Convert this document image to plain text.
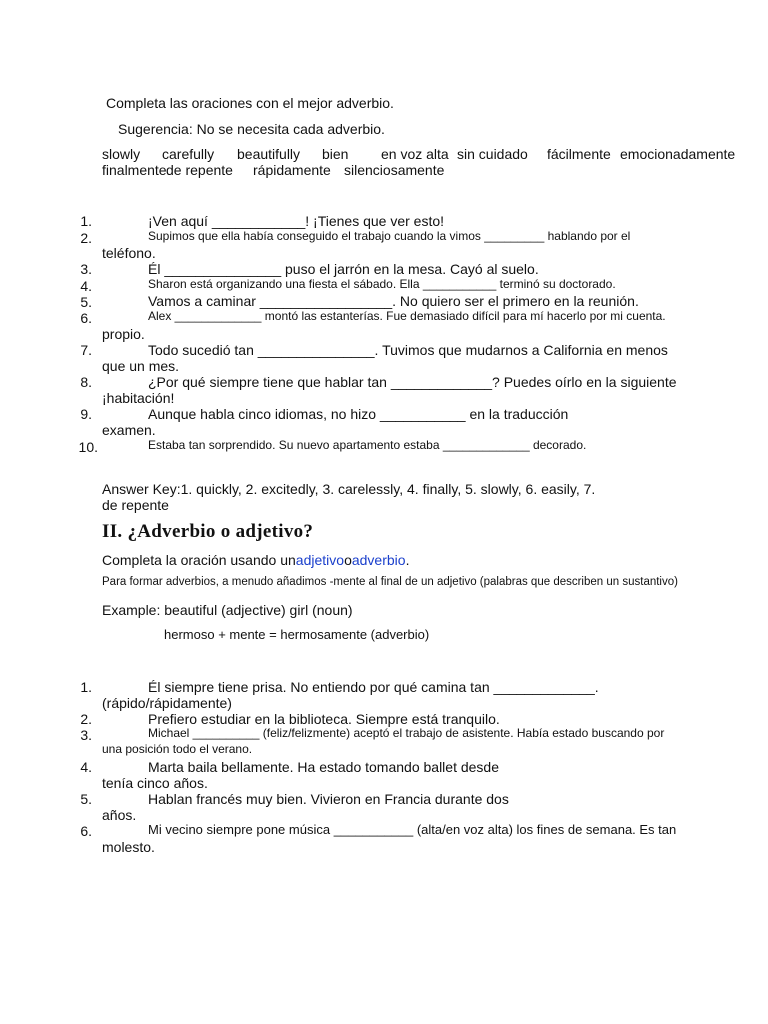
Completa las oraciones con el mejor adverbio.
Sugerencia: No se necesita cada adverbio.
slowly carefully beautifully bien en voz alta sin cuidado fácilmente emocionadamente
finalmente de repente rápidamente silenciosamente
1.	¡Ven aquí ____________! ¡Tienes que ver esto!
2.	Supimos que ella había conseguido el trabajo cuando la vimos _________ hablando por el
teléfono.
3.	Él _______________ puso el jarrón en la mesa. Cayó al suelo.
4.	Sharon está organizando una fiesta el sábado. Ella ___________ terminó su doctorado.
5.	Vamos a caminar _________________. No quiero ser el primero en la reunión.
6.	Alex _____________ montó las estanterías. Fue demasiado difícil para mí hacerlo por mi cuenta.
propio.
7.	Todo sucedió tan _______________. Tuvimos que mudarnos a California en menos
que un mes.
8.	¿Por qué siempre tiene que hablar tan _____________? Puedes oírlo en la siguiente
¡habitación!
9.	Aunque habla cinco idiomas, no hizo ___________ en la traducción
examen.
10.	Estaba tan sorprendido. Su nuevo apartamento estaba _____________ decorado.
Answer Key:1. quickly, 2. excitedly, 3. carelessly, 4. finally, 5. slowly, 6. easily, 7.
de repente
II. ¿Adverbio o adjetivo?
Completa la oración usando unadjetivooadverbio.
Para formar adverbios, a menudo añadimos -mente al final de un adjetivo (palabras que describen un sustantivo)
Example: beautiful (adjective) girl (noun)
hermoso + mente = hermosamente (adverbio)
1.	Él siempre tiene prisa. No entiendo por qué camina tan _____________.
(rápido/rápidamente)
2.	Prefiero estudiar en la biblioteca. Siempre está tranquilo.
3.	Michael __________ (feliz/felizmente) aceptó el trabajo de asistente. Había estado buscando por
una posición todo el verano.
4.	Marta baila bellamente. Ha estado tomando ballet desde
tenía cinco años.
5.	Hablan francés muy bien. Vivieron en Francia durante dos
años.
6.	Mi vecino siempre pone música ___________ (alta/en voz alta) los fines de semana. Es tan
molesto.
